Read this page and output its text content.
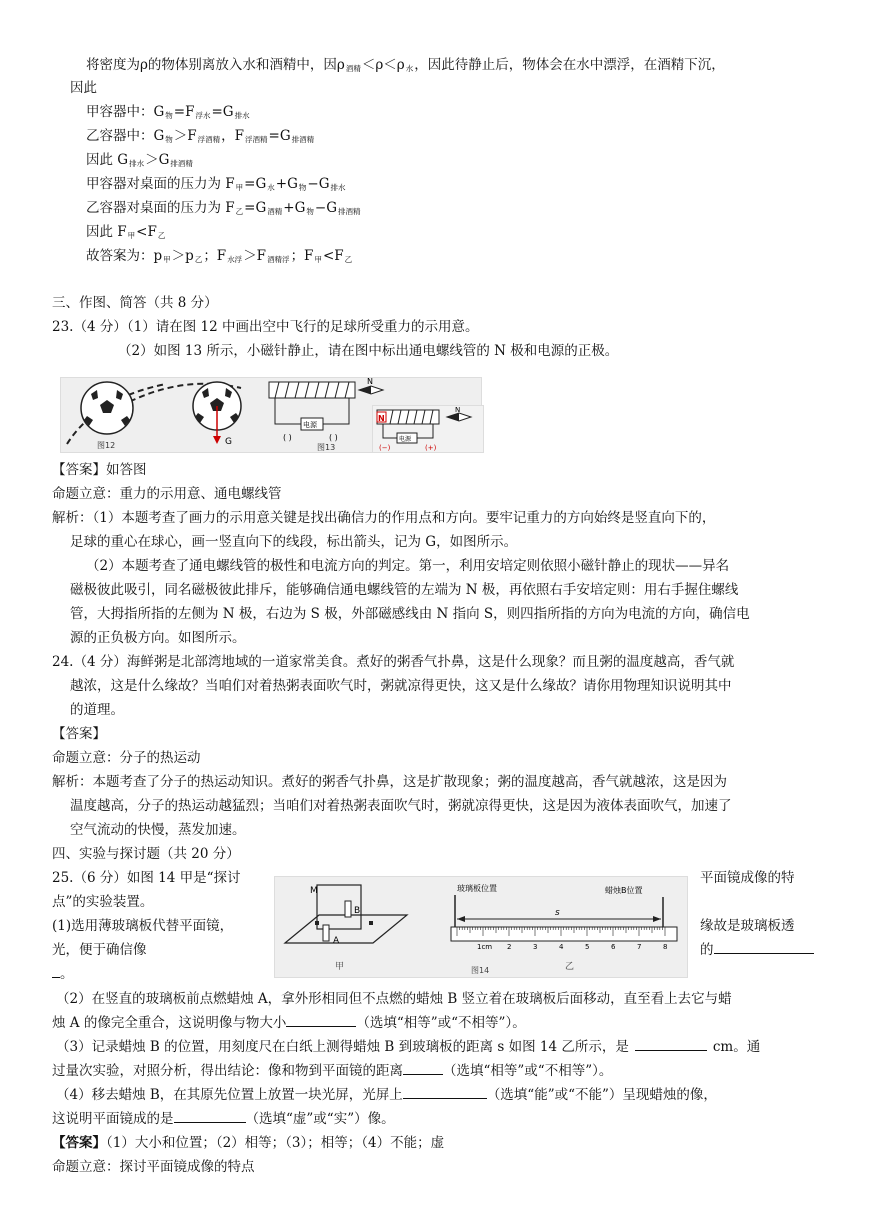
将密度为ρ的物体别离放入水和酒精中，因$\rho_{酒精}<\rho<\rho_水$，因此待静止后，物体会在水中漂浮，在酒精下沉，
因此
甲容器中：$G_物=F_{浮水}=G_{排水}$
乙容器中：$G_物>F_{浮酒精}$，$F_{浮酒精}=G_{排酒精}$
因此 $G_{排水}>G_{排酒精}$
甲容器对桌面的压力为 $F_甲=G_水+G_物-G_{排水}$
乙容器对桌面的压力为 $F_乙=G_{酒精}+G_物-G_{排酒精}$
因此 $F_甲<F_乙$
故答案为：$p_甲>p_乙$；$F_{水浮}>F_{酒精浮}$；$F_甲<F_乙$
三、作图、简答（共 8 分）
23.（4 分）（1）请在图 12 中画出空中飞行的足球所受重力的示用意。
（2）如图 13 所示，小磁针静止，请在图中标出通电螺线管的 N 极和电源的正极。
G
图12
电源
( )	( )
N
图13
N
电源
(−)	(+)
N
【答案】如答图
命题立意：重力的示用意、通电螺线管
解析：（1）本题考查了画力的示用意关键是找出确信力的作用点和方向。要牢记重力的方向始终是竖直向下的，
足球的重心在球心，画一竖直向下的线段，标出箭头，记为 G，如图所示。
（2）本题考查了通电螺线管的极性和电流方向的判定。第一，利用安培定则依照小磁针静止的现状——异名
磁极彼此吸引，同名磁极彼此排斥，能够确信通电螺线管的左端为 N 极，再依照右手安培定则：用右手握住螺线
管，大拇指所指的左侧为 N 极，右边为 S 极，外部磁感线由 N 指向 S，则四指所指的方向为电流的方向，确信电
源的正负极方向。如图所示。
24.（4 分）海鲜粥是北部湾地域的一道家常美食。煮好的粥香气扑鼻，这是什么现象？而且粥的温度越高，香气就
越浓，这是什么缘故？当咱们对着热粥表面吹气时，粥就凉得更快，这又是什么缘故？请你用物理知识说明其中
的道理。
【答案】
命题立意：分子的热运动
解析：本题考查了分子的热运动知识。煮好的粥香气扑鼻，这是扩散现象；粥的温度越高，香气就越浓，这是因为
温度越高，分子的热运动越猛烈；当咱们对着热粥表面吹气时，粥就凉得更快，这是因为液体表面吹气，加速了
空气流动的快慢，蒸发加速。
四、实验与探讨题（共 20 分）
25.（6 分）如图 14 甲是“探讨	平面镜成像的特
点”的实验装置。
(1)选用薄玻璃板代替平面镜，	缘故是玻璃板透
光，便于确信像	的
。
M
B
A
甲	图14
玻璃板位置	蜡烛B位置
s
1cm 2	3	4	5	6	7	8
乙
（2）在竖直的玻璃板前点燃蜡烛 A，拿外形相同但不点燃的蜡烛 B 竖立着在玻璃板后面移动，直至看上去它与蜡
烛 A 的像完全重合，这说明像与物大小	（选填“相等”或“不相等”）。
（3）记录蜡烛 B 的位置，用刻度尺在白纸上测得蜡烛 B 到玻璃板的距离 s 如图 14 乙所示，是	cm。通
过量次实验，对照分析，得出结论：像和物到平面镜的距离	（选填“相等”或“不相等”）。
（4）移去蜡烛 B，在其原先位置上放置一块光屏，光屏上	（选填“能”或“不能”）呈现蜡烛的像，
这说明平面镜成的是	（选填“虚”或“实”）像。
【答案】（1）大小和位置；（2）相等；（3）；相等；（4）不能；虚
命题立意：探讨平面镜成像的特点
